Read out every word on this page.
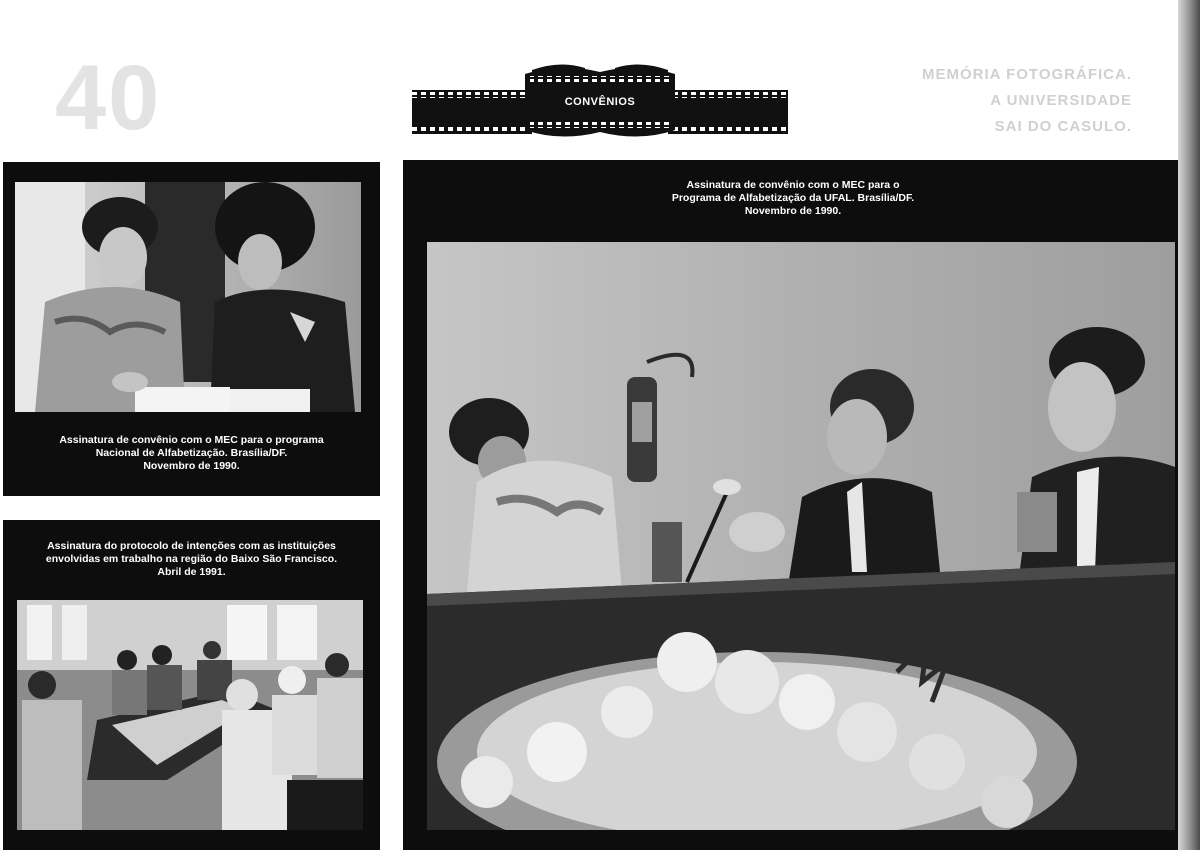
40	CONVÊNIOS
MEMÓRIA FOTOGRÁFICA.
A UNIVERSIDADE
SAI DO CASULO.
Assinatura de convênio com o MEC para o programa
Nacional de Alfabetização. Brasília/DF.
Novembro de 1990.
Assinatura do protocolo de intenções com as instituições
envolvidas em trabalho na região do Baixo São Francisco.
Abril de 1991.
Assinatura de convênio com o MEC para o
Programa de Alfabetização da UFAL. Brasília/DF.
Novembro de 1990.
